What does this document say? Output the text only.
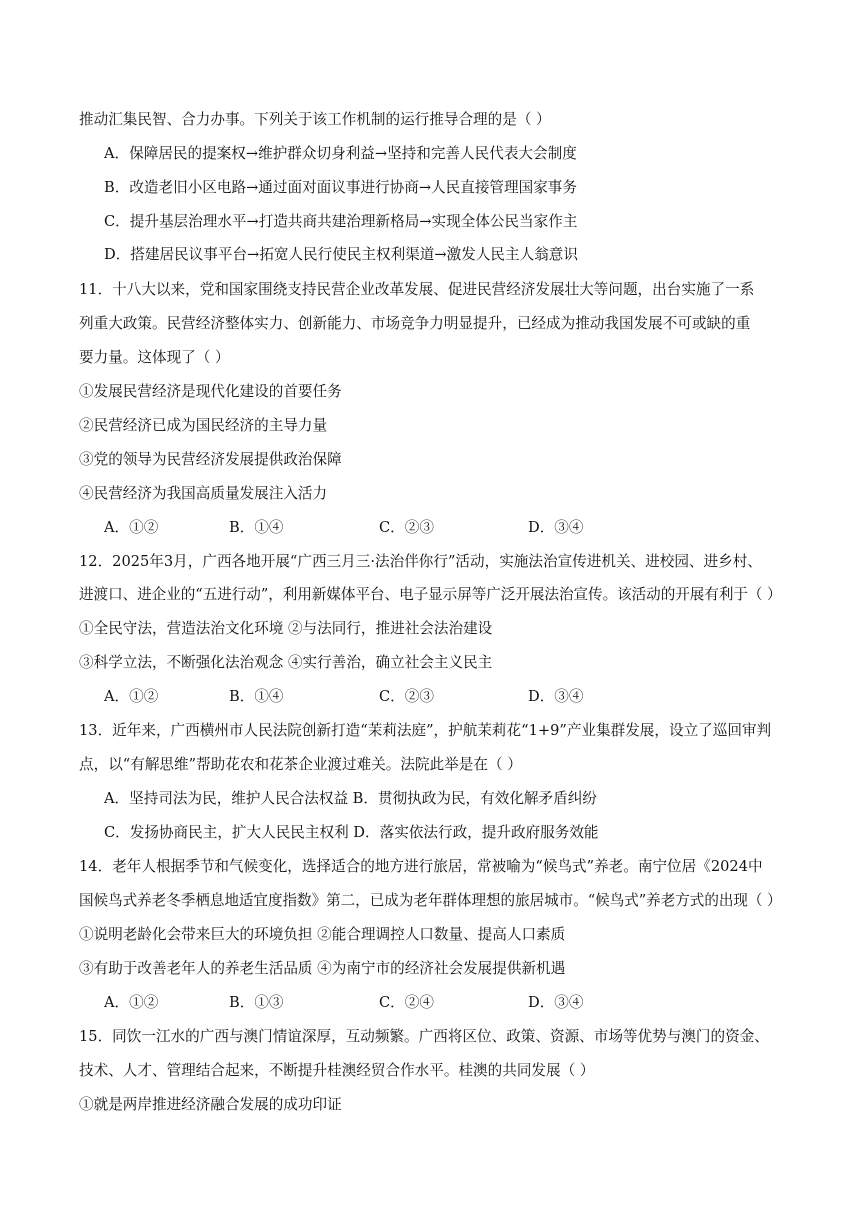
推动汇集民智、合力办事。下列关于该工作机制的运行推导合理的是（ ）
A．保障居民的提案权→维护群众切身利益→坚持和完善人民代表大会制度
B．改造老旧小区电路→通过面对面议事进行协商→人民直接管理国家事务
C．提升基层治理水平→打造共商共建治理新格局→实现全体公民当家作主
D．搭建居民议事平台→拓宽人民行使民主权利渠道→激发人民主人翁意识
11．十八大以来，党和国家围绕支持民营企业改革发展、促进民营经济发展壮大等问题，出台实施了一系
列重大政策。民营经济整体实力、创新能力、市场竞争力明显提升，已经成为推动我国发展不可或缺的重
要力量。这体现了（ ）
①发展民营经济是现代化建设的首要任务
②民营经济已成为国民经济的主导力量
③党的领导为民营经济发展提供政治保障
④民营经济为我国高质量发展注入活力
A．①②	B．①④	C．②③	D．③④
12．2025年3月，广西各地开展“广西三月三·法治伴你行”活动，实施法治宣传进机关、进校园、进乡村、
进渡口、进企业的“五进行动”，利用新媒体平台、电子显示屏等广泛开展法治宣传。该活动的开展有利于（ ）
①全民守法，营造法治文化环境 ②与法同行，推进社会法治建设
③科学立法，不断强化法治观念 ④实行善治，确立社会主义民主
A．①②	B．①④	C．②③	D．③④
13．近年来，广西横州市人民法院创新打造“茉莉法庭”，护航茉莉花“1+9”产业集群发展，设立了巡回审判
点，以“有解思维”帮助花农和花茶企业渡过难关。法院此举是在（ ）
A．坚持司法为民，维护人民合法权益 B．贯彻执政为民，有效化解矛盾纠纷
C．发扬协商民主，扩大人民民主权利 D．落实依法行政，提升政府服务效能
14．老年人根据季节和气候变化，选择适合的地方进行旅居，常被喻为“候鸟式”养老。南宁位居《2024中
国候鸟式养老冬季栖息地适宜度指数》第二，已成为老年群体理想的旅居城市。“候鸟式”养老方式的出现（ ）
①说明老龄化会带来巨大的环境负担 ②能合理调控人口数量、提高人口素质
③有助于改善老年人的养老生活品质 ④为南宁市的经济社会发展提供新机遇
A．①②	B．①③	C．②④	D．③④
15．同饮一江水的广西与澳门情谊深厚，互动频繁。广西将区位、政策、资源、市场等优势与澳门的资金、
技术、人才、管理结合起来，不断提升桂澳经贸合作水平。桂澳的共同发展（ ）
①就是两岸推进经济融合发展的成功印证
